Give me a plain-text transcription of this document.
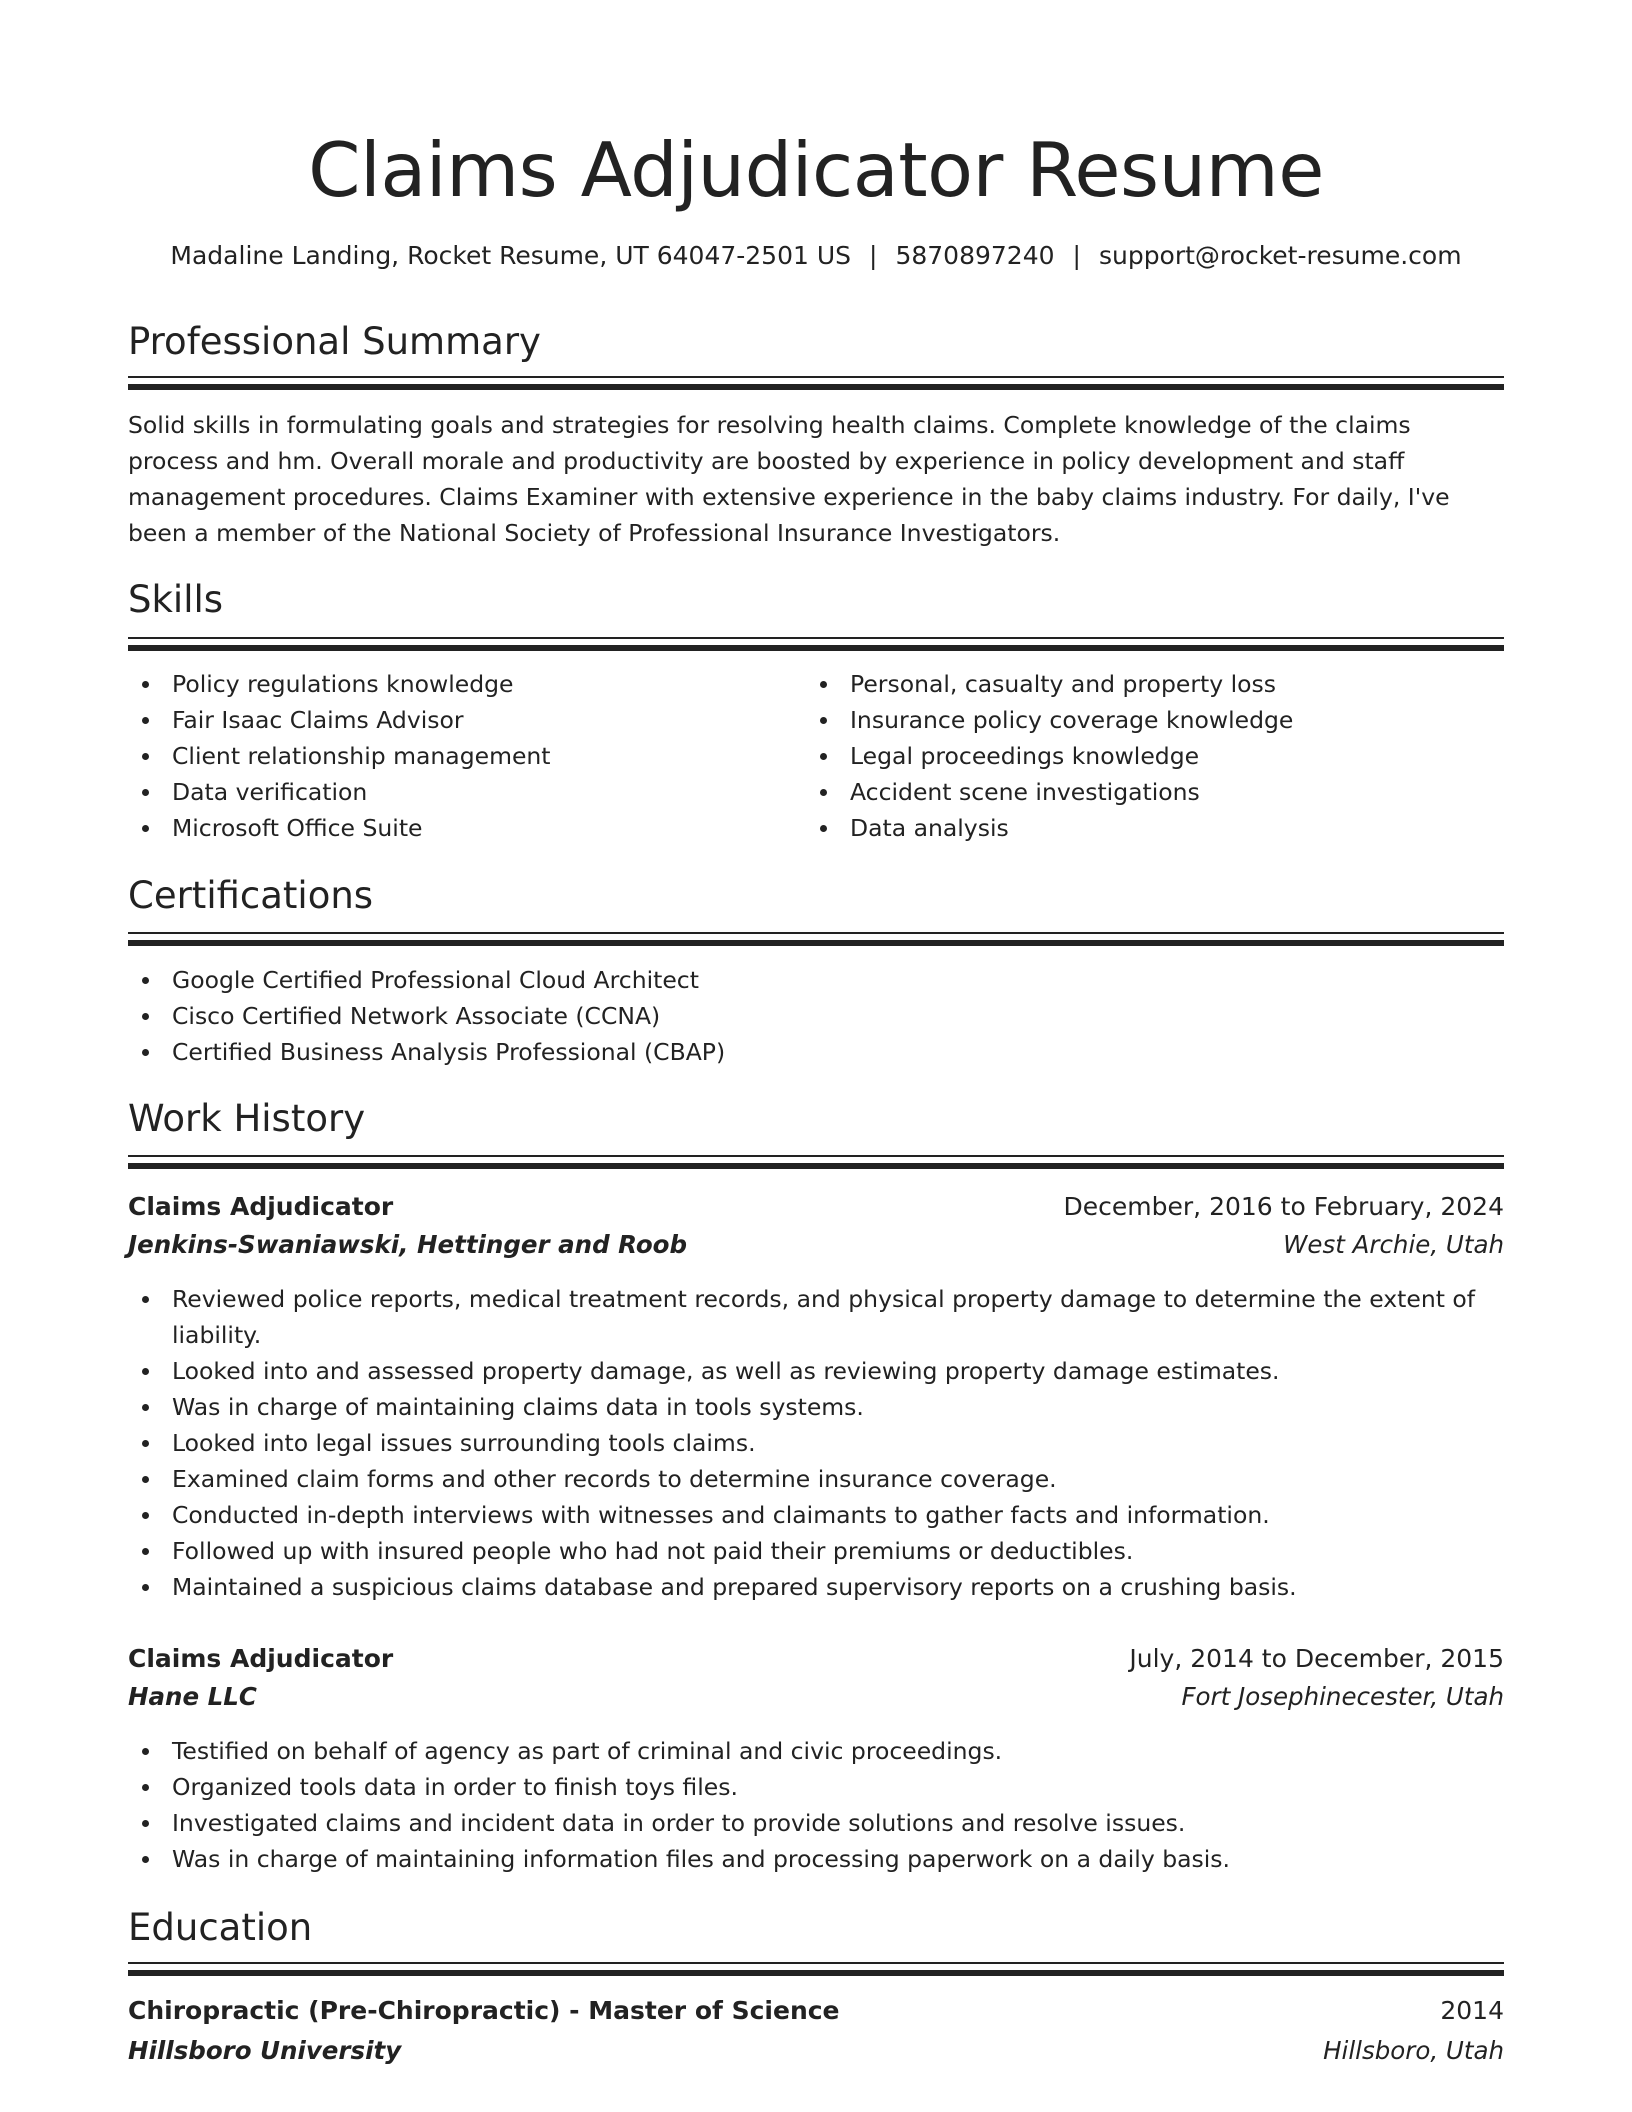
Claims Adjudicator Resume
Madaline Landing, Rocket Resume, UT 64047-2501 US | 5870897240 | support@rocket-resume.com
Professional Summary
Solid skills in formulating goals and strategies for resolving health claims. Complete knowledge of the claims process and hm. Overall morale and productivity are boosted by experience in policy development and staff management procedures. Claims Examiner with extensive experience in the baby claims industry. For daily, I've been a member of the National Society of Professional Insurance Investigators.
Skills
Policy regulations knowledge
Fair Isaac Claims Advisor
Client relationship management
Data verification
Microsoft Office Suite
Personal, casualty and property loss
Insurance policy coverage knowledge
Legal proceedings knowledge
Accident scene investigations
Data analysis
Certifications
Google Certified Professional Cloud Architect
Cisco Certified Network Associate (CCNA)
Certified Business Analysis Professional (CBAP)
Work History
Claims Adjudicator	December, 2016 to February, 2024
Jenkins-Swaniawski, Hettinger and Roob	West Archie, Utah
Reviewed police reports, medical treatment records, and physical property damage to determine the extent of liability.
Looked into and assessed property damage, as well as reviewing property damage estimates.
Was in charge of maintaining claims data in tools systems.
Looked into legal issues surrounding tools claims.
Examined claim forms and other records to determine insurance coverage.
Conducted in-depth interviews with witnesses and claimants to gather facts and information.
Followed up with insured people who had not paid their premiums or deductibles.
Maintained a suspicious claims database and prepared supervisory reports on a crushing basis.
Claims Adjudicator	July, 2014 to December, 2015
Hane LLC	Fort Josephinecester, Utah
Testified on behalf of agency as part of criminal and civic proceedings.
Organized tools data in order to finish toys files.
Investigated claims and incident data in order to provide solutions and resolve issues.
Was in charge of maintaining information files and processing paperwork on a daily basis.
Education
Chiropractic (Pre-Chiropractic) - Master of Science	2014
Hillsboro University	Hillsboro, Utah
